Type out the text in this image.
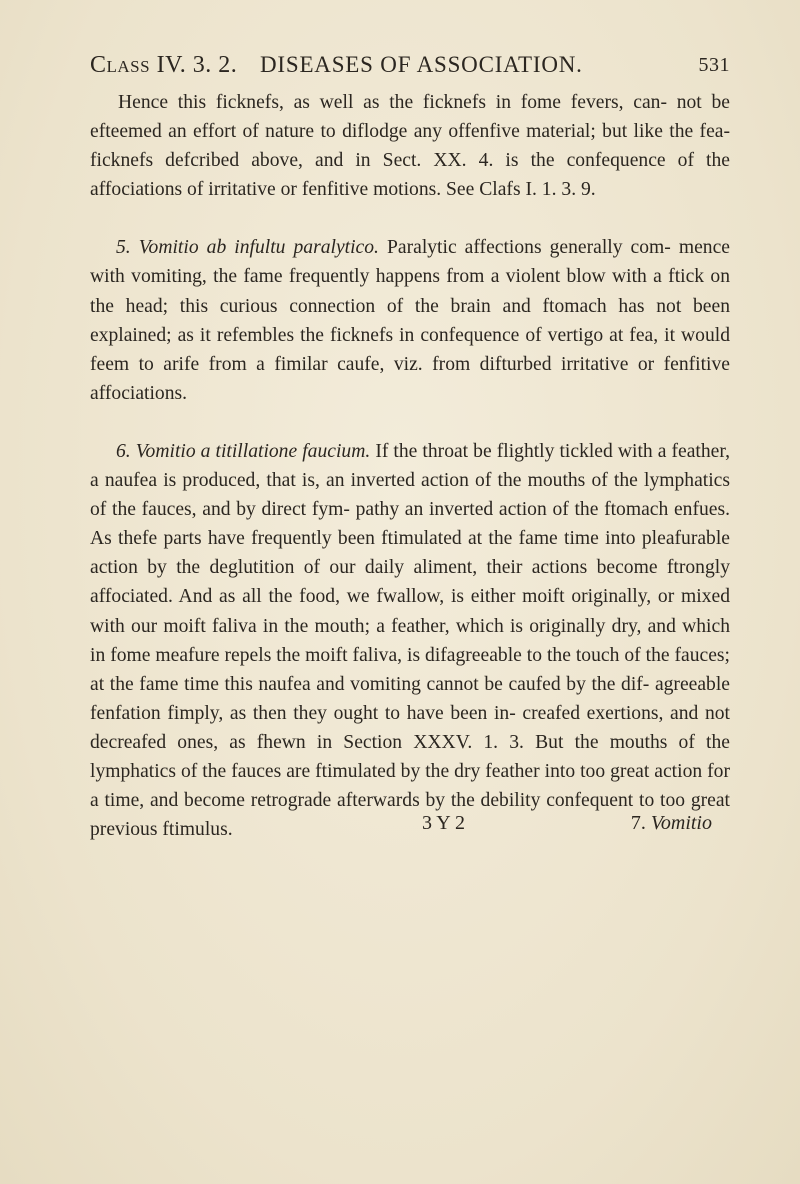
Class IV. 3. 2. DISEASES OF ASSOCIATION.	531

Hence this ficknefs, as well as the ficknefs in fome fevers, can- not be efteemed an effort of nature to diflodge any offenfive material; but like the fea-ficknefs defcribed above, and in Sect. XX. 4. is the confequence of the affociations of irritative or fenfitive motions. See Clafs I. 1. 3. 9.

5. Vomitio ab infultu paralytico. Paralytic affections generally com- mence with vomiting, the fame frequently happens from a violent blow with a ftick on the head; this curious connection of the brain and ftomach has not been explained; as it refembles the ficknefs in confequence of vertigo at fea, it would feem to arife from a fimilar caufe, viz. from difturbed irritative or fenfitive affociations.

6. Vomitio a titillatione faucium. If the throat be flightly tickled with a feather, a naufea is produced, that is, an inverted action of the mouths of the lymphatics of the fauces, and by direct fym- pathy an inverted action of the ftomach enfues. As thefe parts have frequently been ftimulated at the fame time into pleafurable action by the deglutition of our daily aliment, their actions become ftrongly affociated. And as all the food, we fwallow, is either moift originally, or mixed with our moift faliva in the mouth; a feather, which is originally dry, and which in fome meafure repels the moift faliva, is difagreeable to the touch of the fauces; at the fame time this naufea and vomiting cannot be caufed by the dif- agreeable fenfation fimply, as then they ought to have been in- creafed exertions, and not decreafed ones, as fhewn in Section XXXV. 1. 3. But the mouths of the lymphatics of the fauces are ftimulated by the dry feather into too great action for a time, and become retrograde afterwards by the debility confequent to too great previous ftimulus.	3 Y 2	7. Vomitio
